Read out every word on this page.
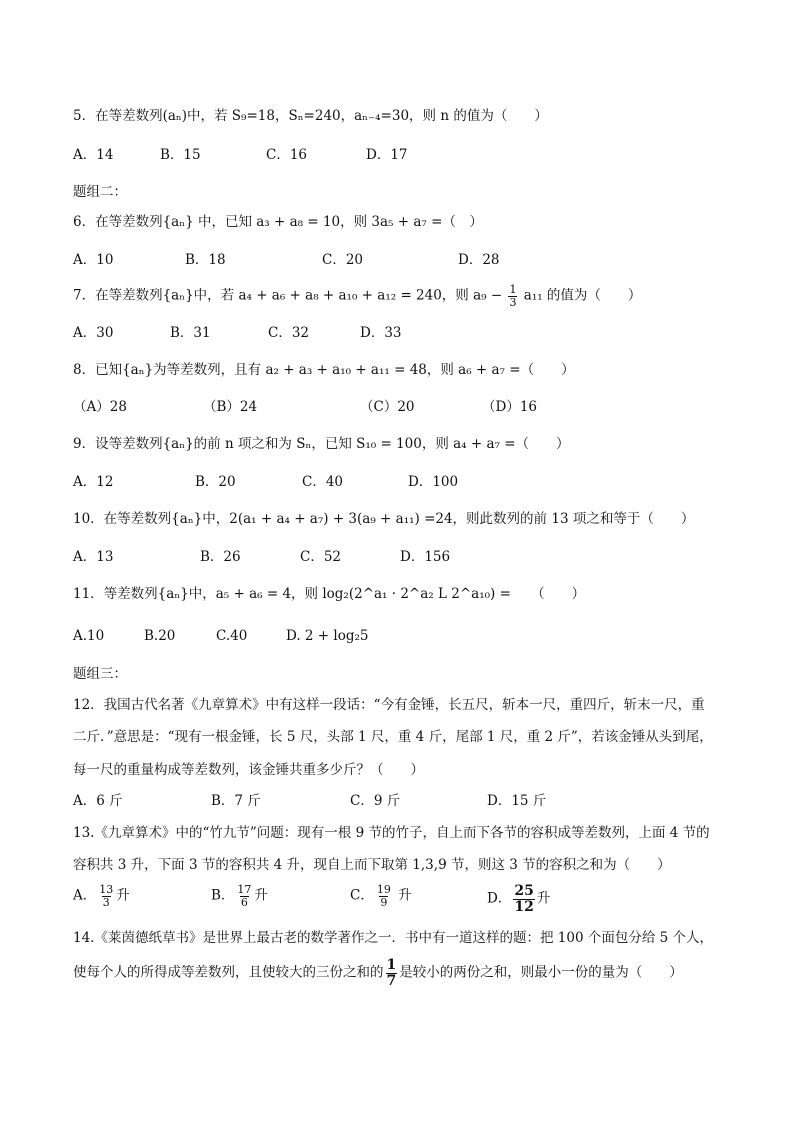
5．在等差数列(aₙ)中，若 S₉=18，Sₙ=240，aₙ₋₄=30，则 n 的值为（　　）
A．14	B．15	C．16	D．17
题组二：
6．在等差数列{aₙ} 中，已知 a₃ + a₈ = 10，则 3a₅ + a₇ =（　）
A．10	B．18	C．20	D．28
7．在等差数列{aₙ}中，若 a₄ + a₆ + a₈ + a₁₀ + a₁₂ = 240，则 $a_9 - \frac{1}{3} a_{11}$ 的值为（　　）
A．30	B．31	C．32	D．33
8．已知{aₙ}为等差数列，且有 a₂ + a₃ + a₁₀ + a₁₁ = 48，则 a₆ + a₇ =（　　）
（A）28	（B）24	（C）20	（D）16
9．设等差数列{aₙ}的前 n 项之和为 Sₙ，已知 S₁₀ = 100，则 a₄ + a₇ =（　　）
A．12	B．20	C．40	D．100
10．在等差数列{aₙ}中，2(a₁ + a₄ + a₇) + 3(a₉ + a₁₁) =24，则此数列的前 13 项之和等于（　　）
A．13	B．26	C．52	D．156
11．等差数列{aₙ}中，a₅ + a₆ = 4，则 log₂(2^a₁ · 2^a₂ L 2^a₁₀) =　　（　　）
A.10	B.20	C.40	D. 2 + log₂5
题组三：
12．我国古代名著《九章算术》中有这样一段话：“今有金锤，长五尺，斩本一尺，重四斤，斩末一尺，重
二斤．”意思是：“现有一根金锤，长 5 尺，头部 1 尺，重 4 斤，尾部 1 尺，重 2 斤”，若该金锤从头到尾，
每一尺的重量构成等差数列，该金锤共重多少斤？（　　）
A．6 斤	B．7 斤	C．9 斤	D．15 斤
13.《九章算术》中的“竹九节”问题：现有一根 9 节的竹子，自上而下各节的容积成等差数列，上面 4 节的
容积共 3 升，下面 3 节的容积共 4 升，现自上而下取第 1,3,9 节，则这 3 节的容积之和为（　　）
A． $\frac{13}{3}$ 升	B． $\frac{17}{6}$ 升	C． $\frac{19}{9}$ 升	D． $\frac{25}{12}$ 升
14.《莱茵德纸草书》是世界上最古老的数学著作之一．书中有一道这样的题：把 100 个面包分给 5 个人，
使每个人的所得成等差数列，且使较大的三份之和的 $\frac{1}{7}$ 是较小的两份之和，则最小一份的量为（　　）
